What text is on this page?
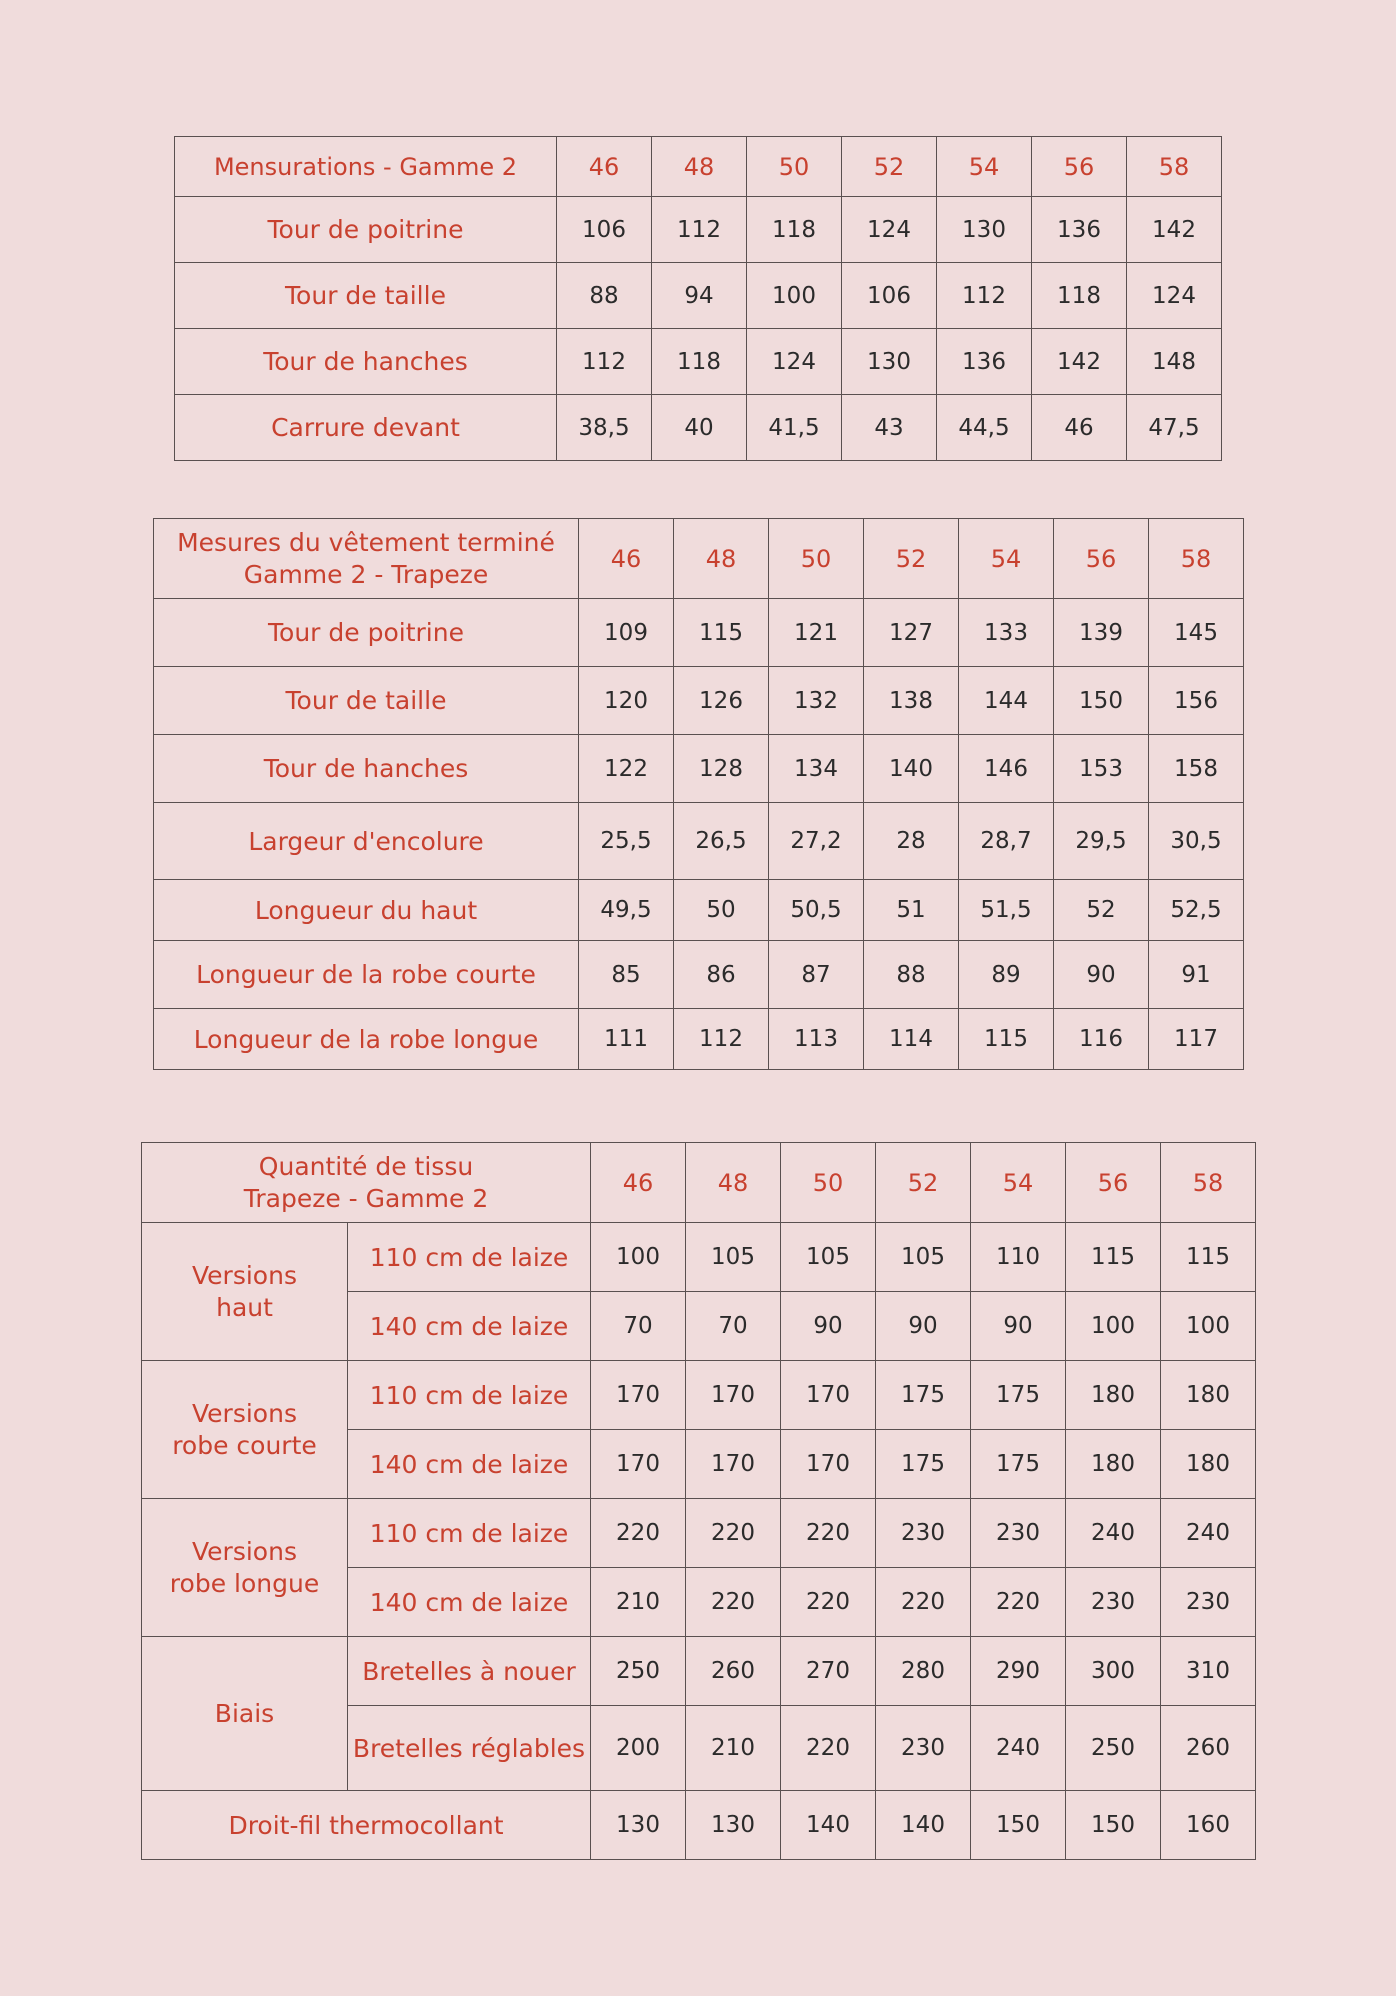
Mensurations - Gamme 2	46	48	50	52	54	56	58
Tour de poitrine	106	112	118	124	130	136	142
Tour de taille	88	94	100	106	112	118	124
Tour de hanches	112	118	124	130	136	142	148
Carrure devant	38,5	40	41,5	43	44,5	46	47,5
Mesures du vêtement terminé
Gamme 2 - Trapeze	46	48	50	52	54	56	58
Tour de poitrine	109	115	121	127	133	139	145
Tour de taille	120	126	132	138	144	150	156
Tour de hanches	122	128	134	140	146	153	158
Largeur d'encolure	25,5	26,5	27,2	28	28,7	29,5	30,5
Longueur du haut	49,5	50	50,5	51	51,5	52	52,5
Longueur de la robe courte	85	86	87	88	89	90	91
Longueur de la robe longue	111	112	113	114	115	116	117
Quantité de tissu
Trapeze - Gamme 2		46	48	50	52	54	56	58

Versions
haut	110 cm de laize	100	105	105	105	110	115	115
	140 cm de laize	70	70	90	90	90	100	100

Versions
robe courte	110 cm de laize	170	170	170	175	175	180	180
	140 cm de laize	170	170	170	175	175	180	180

Versions
robe longue	110 cm de laize	220	220	220	230	230	240	240
	140 cm de laize	210	220	220	220	220	230	230
Biais	Bretelles à nouer	250	260	270	280	290	300	310
	Bretelles réglables	200	210	220	230	240	250	260
Droit-fil thermocollant		130	130	140	140	150	150	160
